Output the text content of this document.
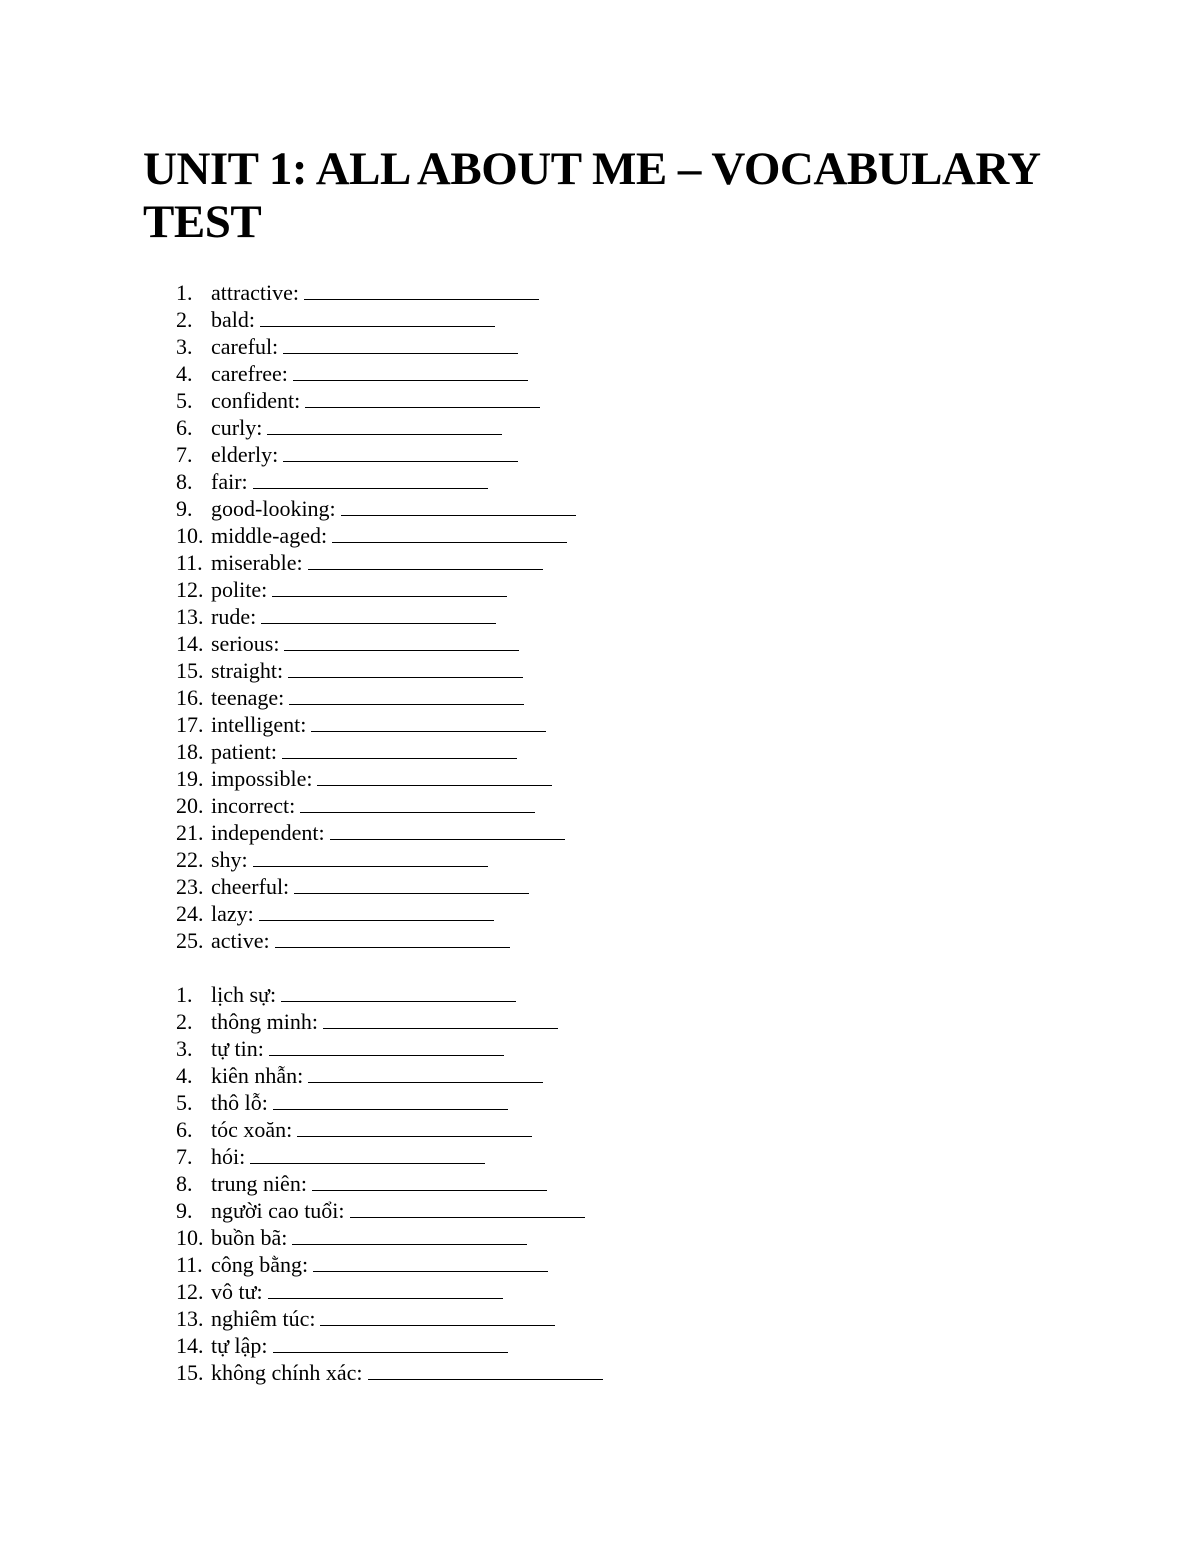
UNIT 1: ALL ABOUT ME – VOCABULARY TEST
1. attractive:
2. bald:
3. careful:
4. carefree:
5. confident:
6. curly:
7. elderly:
8. fair:
9. good-looking:
10. middle-aged:
11. miserable:
12. polite:
13. rude:
14. serious:
15. straight:
16. teenage:
17. intelligent:
18. patient:
19. impossible:
20. incorrect:
21. independent:
22. shy:
23. cheerful:
24. lazy:
25. active:
1. lịch sự:
2. thông minh:
3. tự tin:
4. kiên nhẫn:
5. thô lỗ:
6. tóc xoăn:
7. hói:
8. trung niên:
9. người cao tuổi:
10. buồn bã:
11. công bằng:
12. vô tư:
13. nghiêm túc:
14. tự lập:
15. không chính xác:
